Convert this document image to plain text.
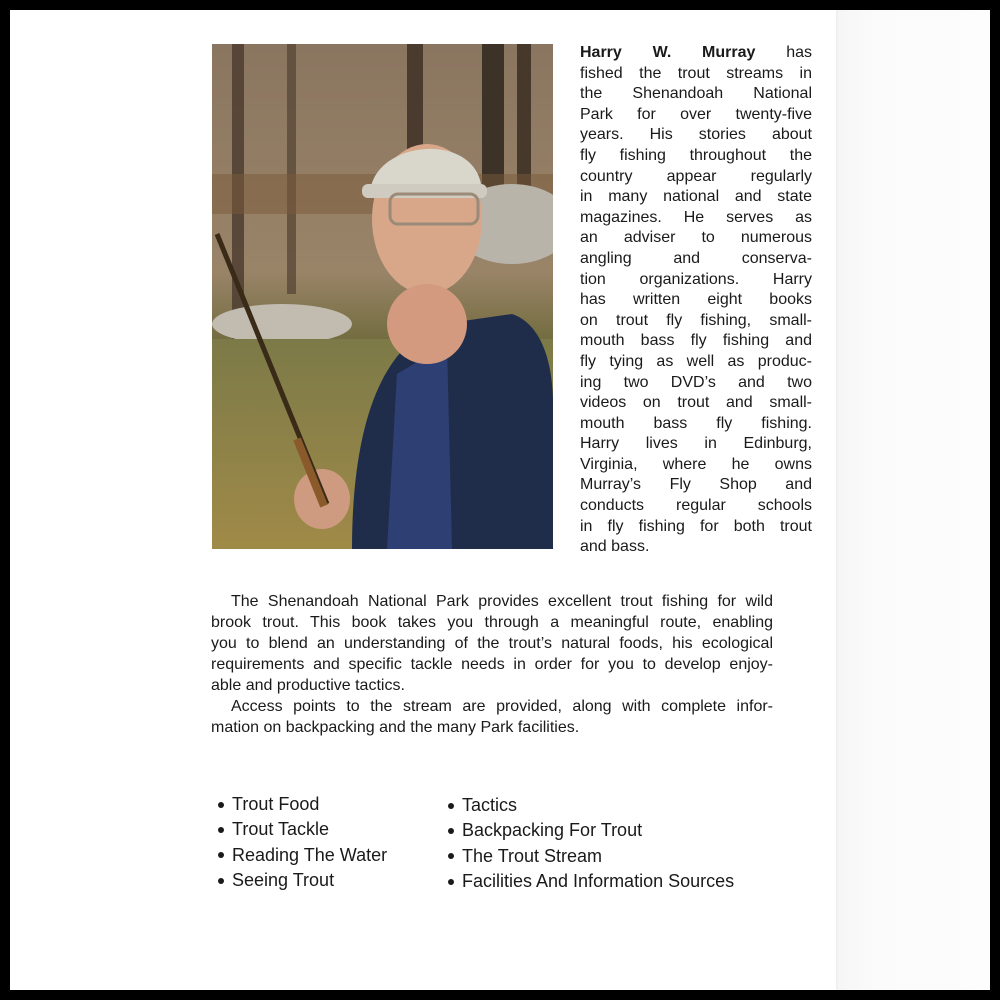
Harry W. Murray has
fished the trout streams in
the Shenandoah National
Park for over twenty-five
years. His stories about
fly fishing throughout the
country appear regularly
in many national and state
magazines. He serves as
an adviser to numerous
angling and conserva-
tion organizations. Harry
has written eight books
on trout fly fishing, small-
mouth bass fly fishing and
fly tying as well as produc-
ing two DVD’s and two
videos on trout and small-
mouth bass fly fishing.
Harry lives in Edinburg,
Virginia, where he owns
Murray’s Fly Shop and
conducts regular schools
in fly fishing for both trout
and bass.
The Shenandoah National Park provides excellent trout fishing for wild
brook trout. This book takes you through a meaningful route, enabling
you to blend an understanding of the trout’s natural foods, his ecological
requirements and specific tackle needs in order for you to develop enjoy-
able and productive tactics.
Access points to the stream are provided, along with complete infor-
mation on backpacking and the many Park facilities.
Trout Food
Trout Tackle
Reading The Water
Seeing Trout
Tactics
Backpacking For Trout
The Trout Stream
Facilities And Information Sources
